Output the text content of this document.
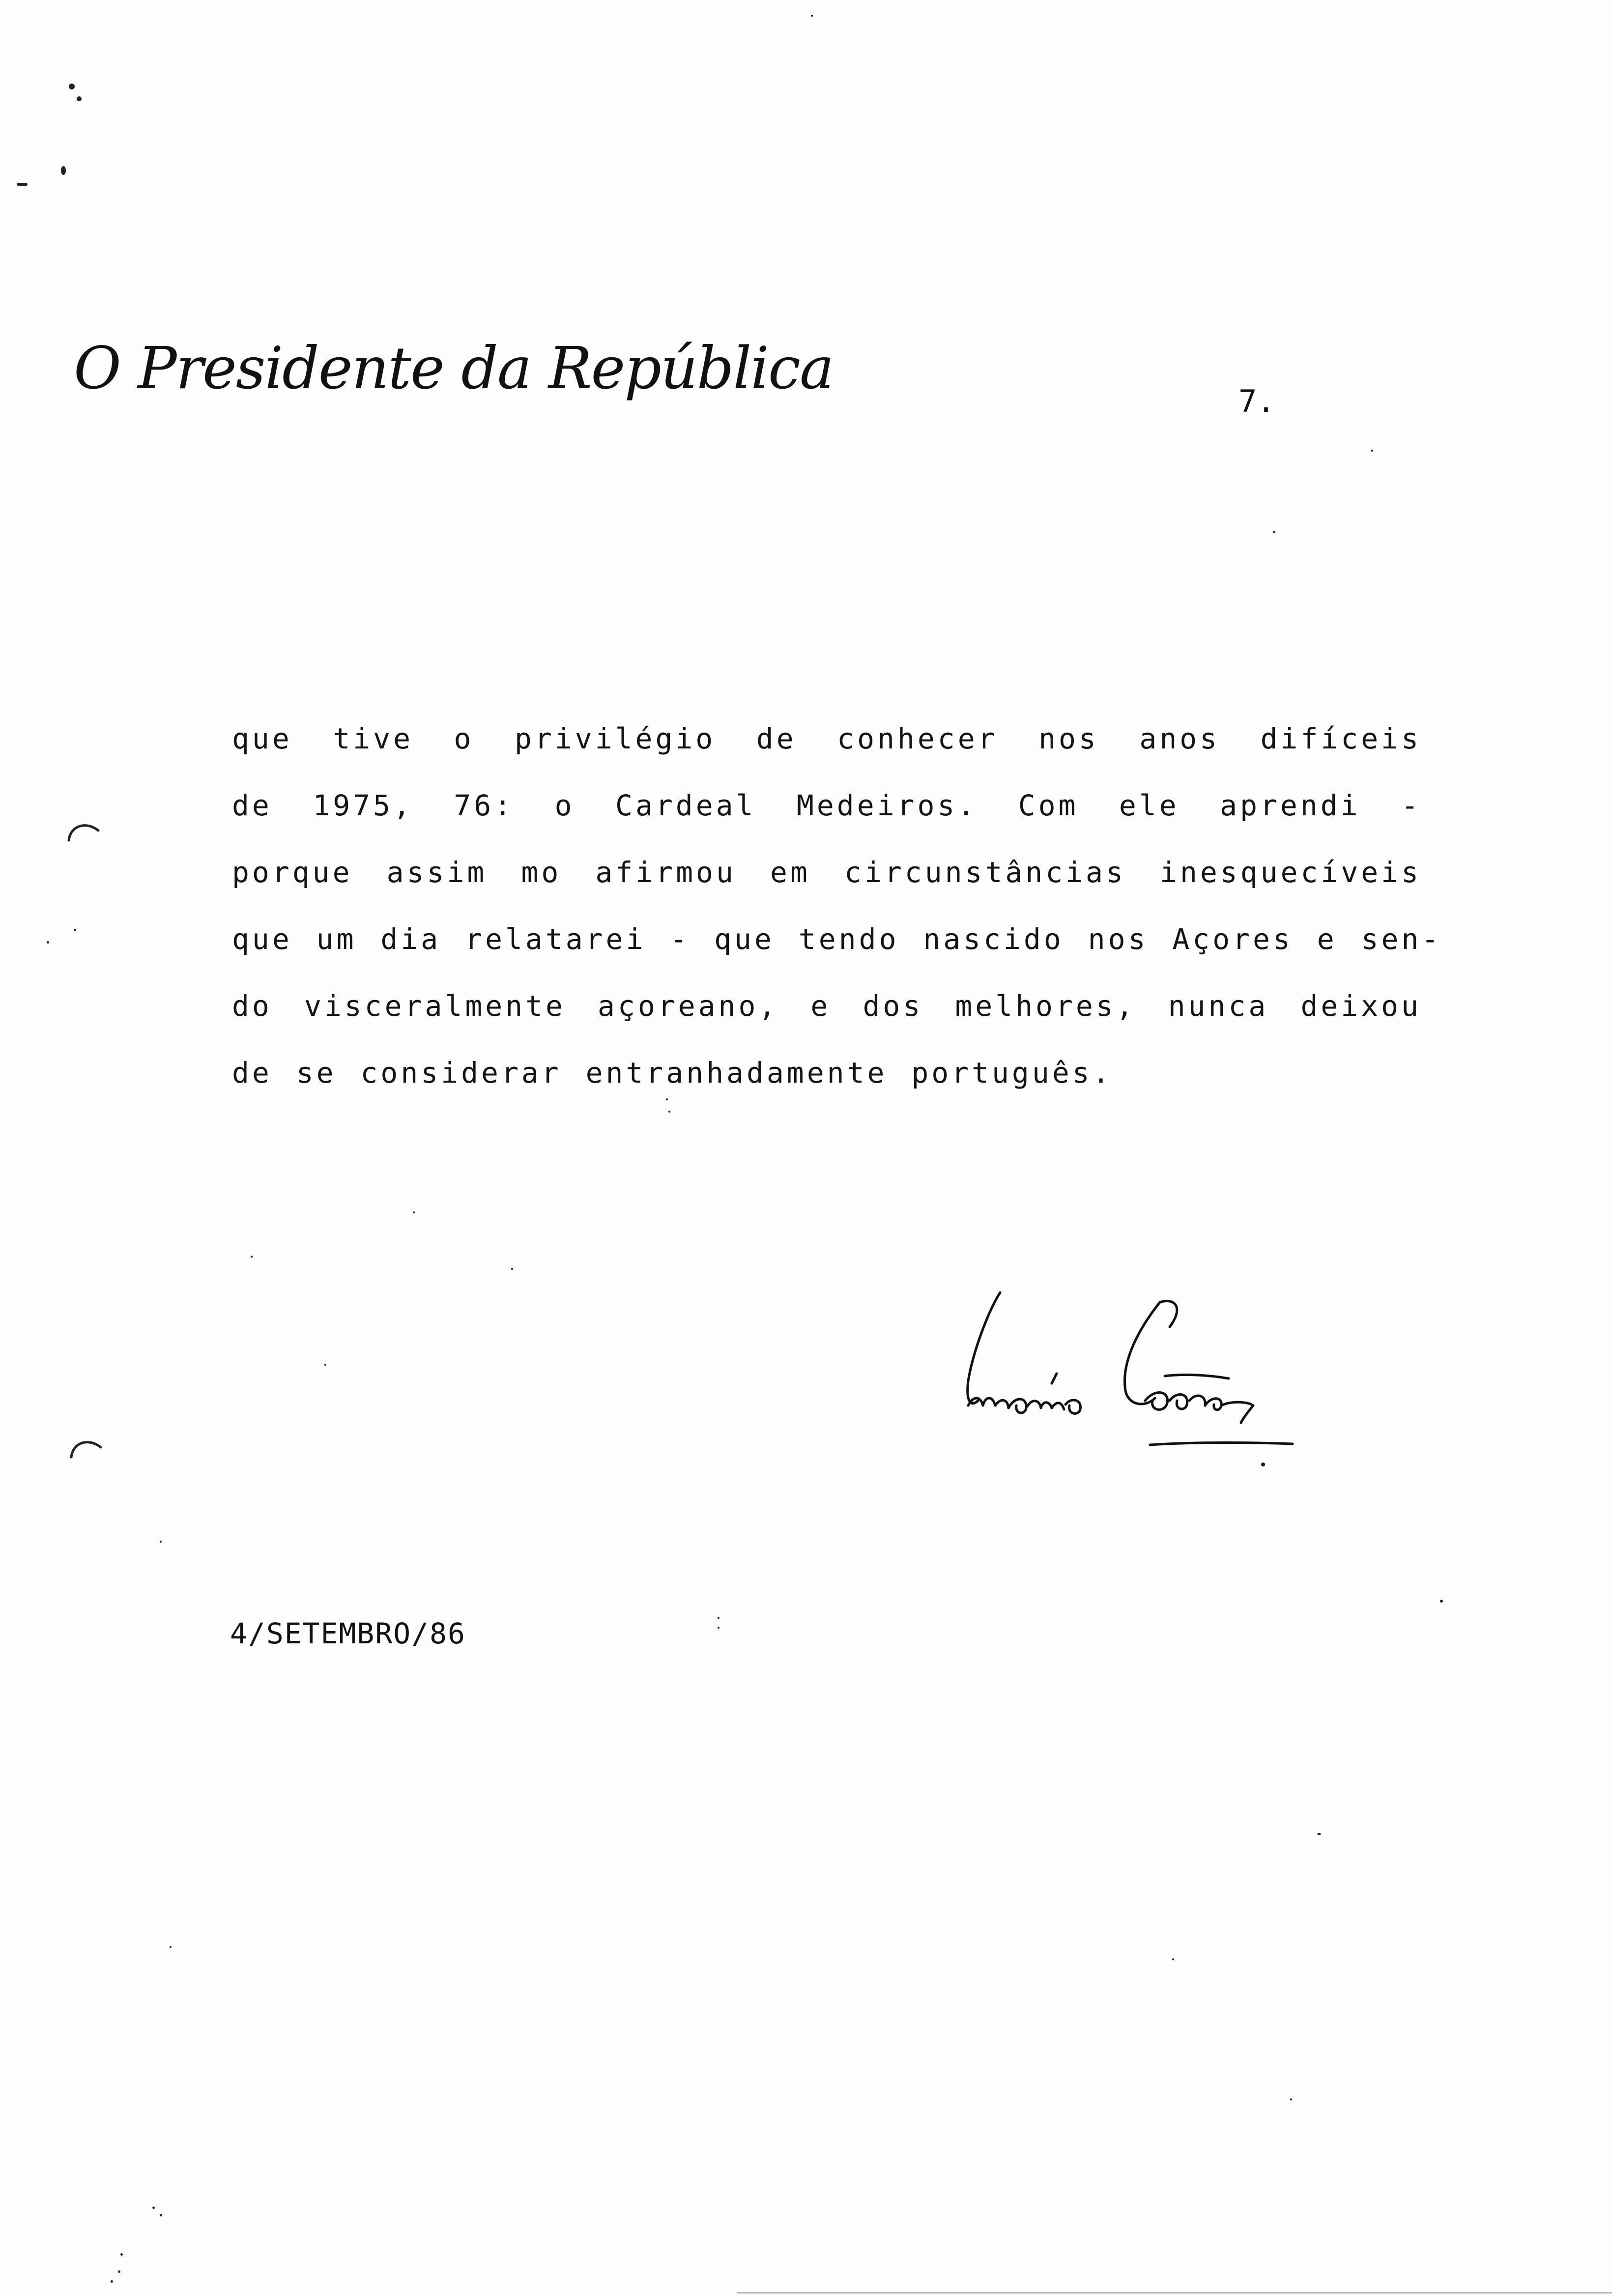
O Presidente da República	7.
que tive o privilégio de conhecer nos anos difíceis
de 1975, 76: o Cardeal Medeiros. Com ele aprendi -
porque assim mo afirmou em circunstâncias inesquecíveis
que um dia relatarei - que tendo nascido nos Açores e sen-
do visceralmente açoreano, e dos melhores, nunca deixou
de se considerar entranhadamente português.
4/SETEMBRO/86
